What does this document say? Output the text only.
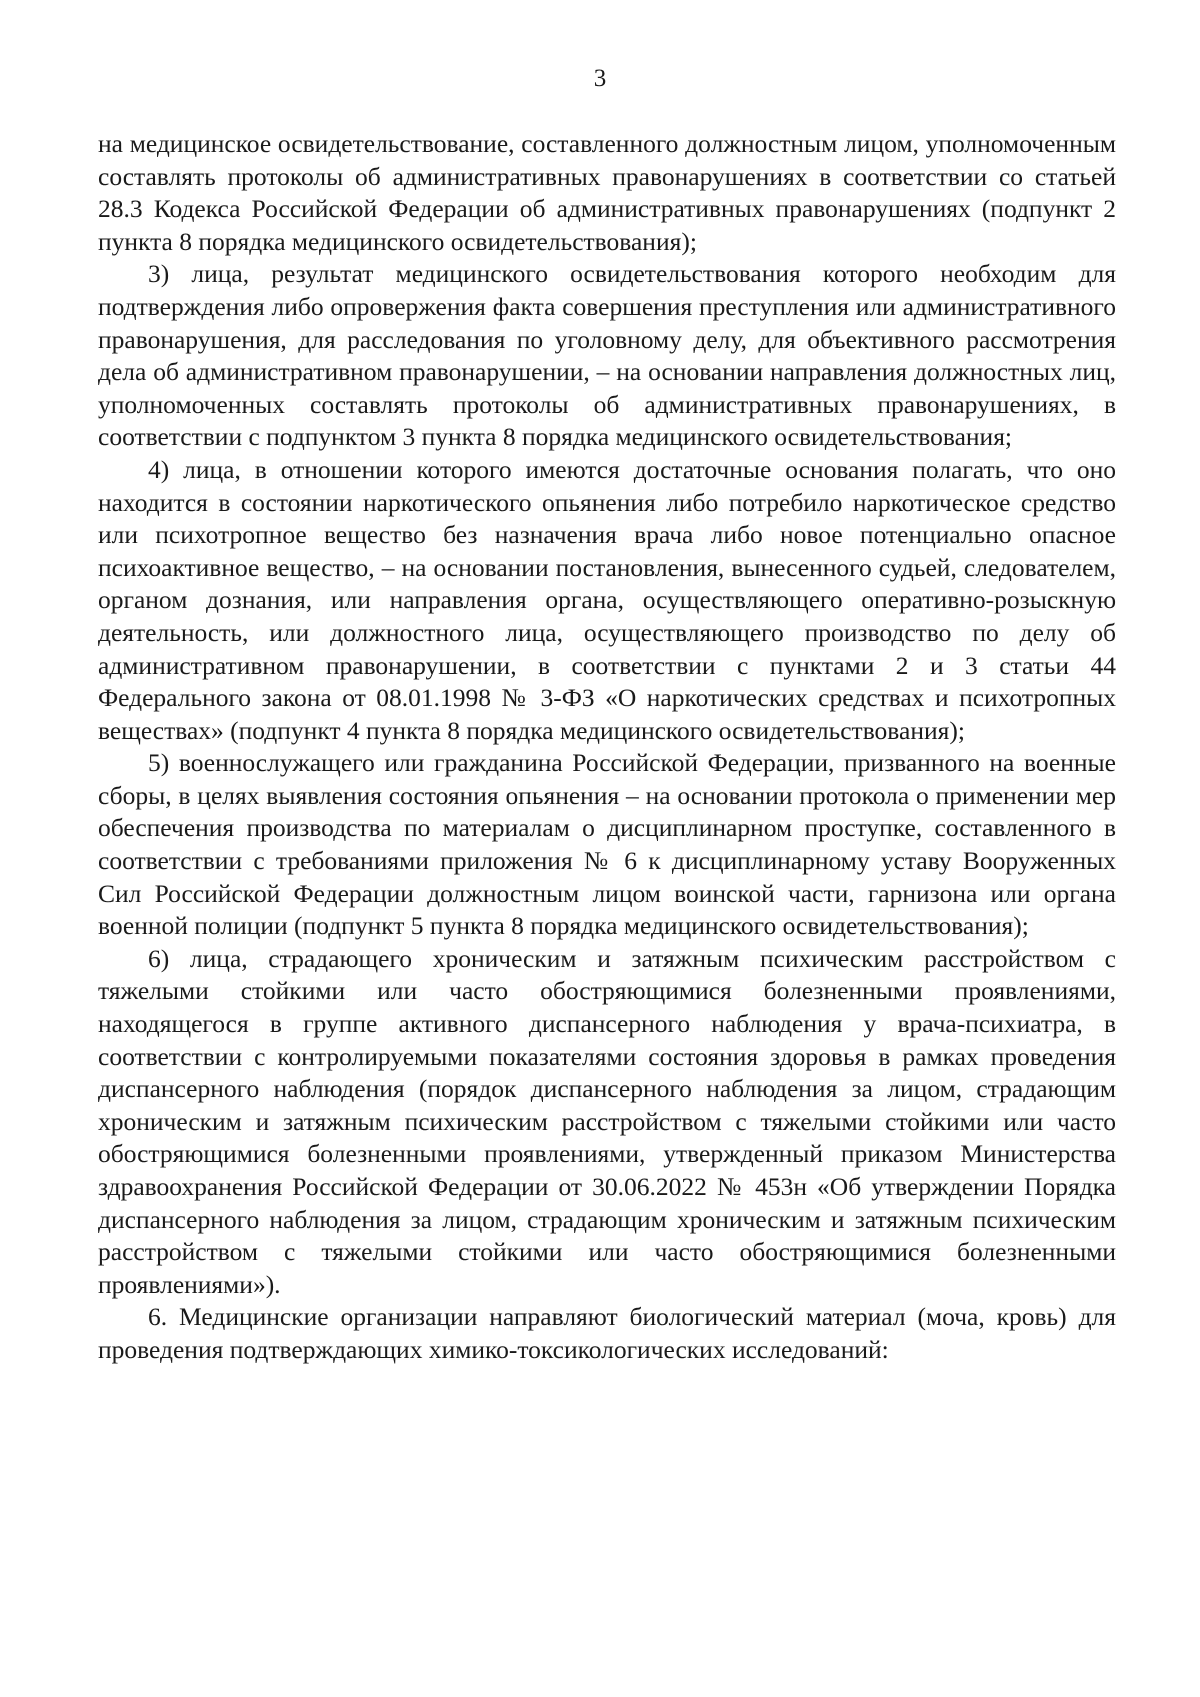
3

на медицинское освидетельствование, составленного должностным лицом, уполномоченным составлять протоколы об административных правонарушениях в соответствии со статьей 28.3 Кодекса Российской Федерации об административных правонарушениях (подпункт 2 пункта 8 порядка медицинского освидетельствования);

3) лица, результат медицинского освидетельствования которого необходим для подтверждения либо опровержения факта совершения преступления или административного правонарушения, для расследования по уголовному делу, для объективного рассмотрения дела об административном правонарушении, – на основании направления должностных лиц, уполномоченных составлять протоколы об административных правонарушениях, в соответствии с подпунктом 3 пункта 8 порядка медицинского освидетельствования;

4) лица, в отношении которого имеются достаточные основания полагать, что оно находится в состоянии наркотического опьянения либо потребило наркотическое средство или психотропное вещество без назначения врача либо новое потенциально опасное психоактивное вещество, – на основании постановления, вынесенного судьей, следователем, органом дознания, или направления органа, осуществляющего оперативно-розыскную деятельность, или должностного лица, осуществляющего производство по делу об административном правонарушении, в соответствии с пунктами 2 и 3 статьи 44 Федерального закона от 08.01.1998 № 3-ФЗ «О наркотических средствах и психотропных веществах» (подпункт 4 пункта 8 порядка медицинского освидетельствования);

5) военнослужащего или гражданина Российской Федерации, призванного на военные сборы, в целях выявления состояния опьянения – на основании протокола о применении мер обеспечения производства по материалам о дисциплинарном проступке, составленного в соответствии с требованиями приложения № 6 к дисциплинарному уставу Вооруженных Сил Российской Федерации должностным лицом воинской части, гарнизона или органа военной полиции (подпункт 5 пункта 8 порядка медицинского освидетельствования);

6) лица, страдающего хроническим и затяжным психическим расстройством с тяжелыми стойкими или часто обостряющимися болезненными проявлениями, находящегося в группе активного диспансерного наблюдения у врача-психиатра, в соответствии с контролируемыми показателями состояния здоровья в рамках проведения диспансерного наблюдения (порядок диспансерного наблюдения за лицом, страдающим хроническим и затяжным психическим расстройством с тяжелыми стойкими или часто обостряющимися болезненными проявлениями, утвержденный приказом Министерства здравоохранения Российской Федерации от 30.06.2022 № 453н «Об утверждении Порядка диспансерного наблюдения за лицом, страдающим хроническим и затяжным психическим расстройством с тяжелыми стойкими или часто обостряющимися болезненными проявлениями»).

6. Медицинские организации направляют биологический материал (моча, кровь) для проведения подтверждающих химико-токсикологических исследований:
